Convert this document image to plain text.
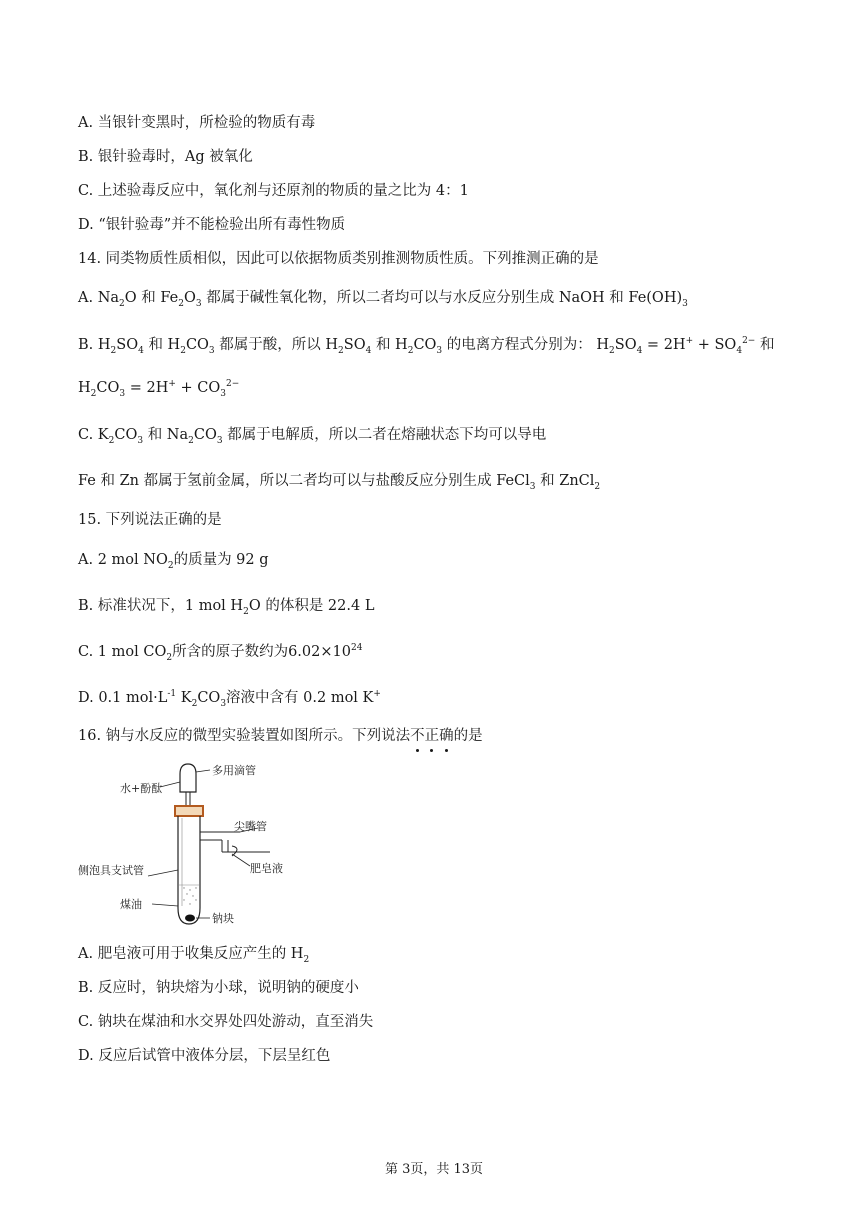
A. 当银针变黑时，所检验的物质有毒
B. 银针验毒时，Ag 被氧化
C. 上述验毒反应中，氧化剂与还原剂的物质的量之比为 4：1
D. “银针验毒”并不能检验出所有毒性物质
14. 同类物质性质相似，因此可以依据物质类别推测物质性质。下列推测正确的是
A. $Na_2O$ 和 $Fe_2O_3$ 都属于碱性氧化物，所以二者均可以与水反应分别生成 NaOH 和 $Fe(OH)_3$
B. $H_2SO_4$ 和 $H_2CO_3$ 都属于酸，所以 $H_2SO_4$ 和 $H_2CO_3$ 的电离方程式分别为： $H_2SO_4 = 2H^+ + SO_4^{2-}$ 和
$H_2CO_3 = 2H^+ + CO_3^{2-}$
C. $K_2CO_3$ 和 $Na_2CO_3$ 都属于电解质，所以二者在熔融状态下均可以导电
Fe 和 Zn 都属于氢前金属，所以二者均可以与盐酸反应分别生成 FeCl$_3$ 和 ZnCl$_2$
15. 下列说法正确的是
A. 2 mol $NO_2$的质量为 92 g
B. 标准状况下，1 mol $H_2O$ 的体积是 22.4 L
C. 1 mol $CO_2$所含的原子数约为$6.02\times 10^{24}$
D. 0.1 $mol\cdot L^{-1}$ $K_2CO_3$溶液中含有 0.2 mol K+
16. 钠与水反应的微型实验装置如图所示。下列说法不正确的是
水+酚酞
多用滴管
尖嘴管
肥皂液
侧泡具支试管
煤油
钠块
A. 肥皂液可用于收集反应产生的 $H_2$
B. 反应时，钠块熔为小球，说明钠的硬度小
C. 钠块在煤油和水交界处四处游动，直至消失
D. 反应后试管中液体分层，下层呈红色
第 3页，共 13页
